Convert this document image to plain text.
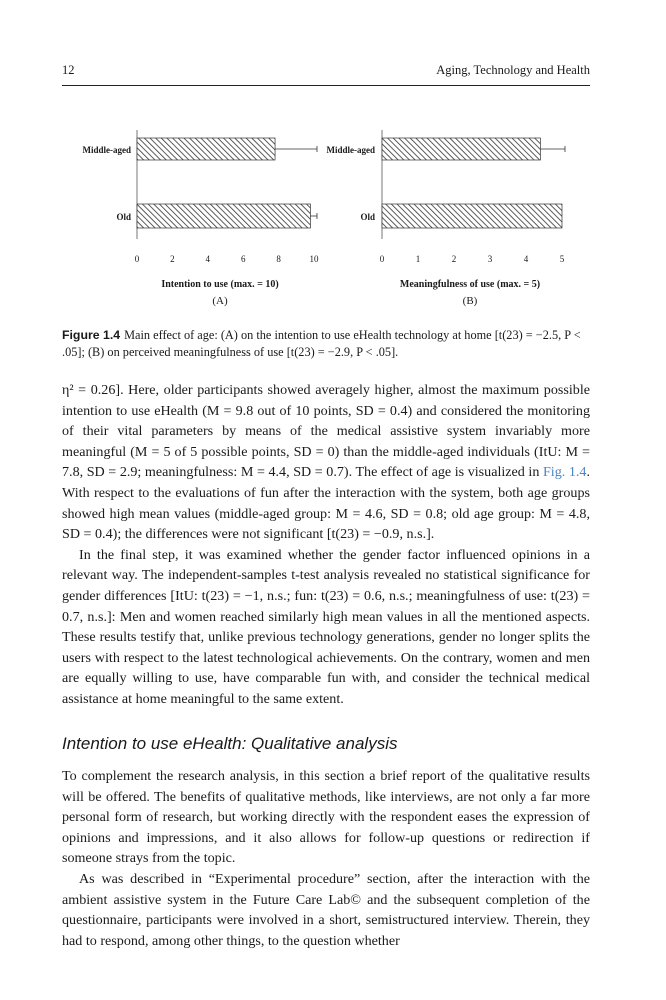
12	Aging, Technology and Health
Middle-aged
Old
0	2	4	6	8	10
Intention to use (max. = 10)
(A)
Middle-aged
Old
0	1	2	3	4	5
Meaningfulness of use (max. = 5)
(B)
Figure 1.4 Main effect of age: (A) on the intention to use eHealth technology at home [t(23) = −2.5, P < .05]; (B) on perceived meaningfulness of use [t(23) = −2.9, P < .05].

η² = 0.26]. Here, older participants showed averagely higher, almost the maximum possible intention to use eHealth (M = 9.8 out of 10 points, SD = 0.4) and considered the monitoring of their vital parameters by means of the medical assistive system invariably more meaningful (M = 5 of 5 possible points, SD = 0) than the middle-aged individuals (ItU: M = 7.8, SD = 2.9; meaningfulness: M = 4.4, SD = 0.7). The effect of age is visualized in Fig. 1.4. With respect to the evaluations of fun after the interaction with the system, both age groups showed high mean values (middle-aged group: M = 4.6, SD = 0.8; old age group: M = 4.8, SD = 0.4); the differences were not significant [t(23) = −0.9, n.s.].

In the final step, it was examined whether the gender factor influenced opinions in a relevant way. The independent-samples t-test analysis revealed no statistical significance for gender differences [ItU: t(23) = −1, n.s.; fun: t(23) = 0.6, n.s.; meaningfulness of use: t(23) = 0.7, n.s.]: Men and women reached similarly high mean values in all the mentioned aspects. These results testify that, unlike previous technology generations, gender no longer splits the users with respect to the latest technological achievements. On the contrary, women and men are equally willing to use, have comparable fun with, and consider the technical medical assistance at home meaningful to the same extent.

Intention to use eHealth: Qualitative analysis

To complement the research analysis, in this section a brief report of the qualitative results will be offered. The benefits of qualitative methods, like interviews, are not only a far more personal form of research, but working directly with the respondent eases the expression of opinions and impressions, and it also allows for follow-up questions or redirection if someone strays from the topic.

As was described in “Experimental procedure” section, after the interaction with the ambient assistive system in the Future Care Lab© and the subsequent completion of the questionnaire, participants were involved in a short, semistructured interview. Therein, they had to respond, among other things, to the question whether
